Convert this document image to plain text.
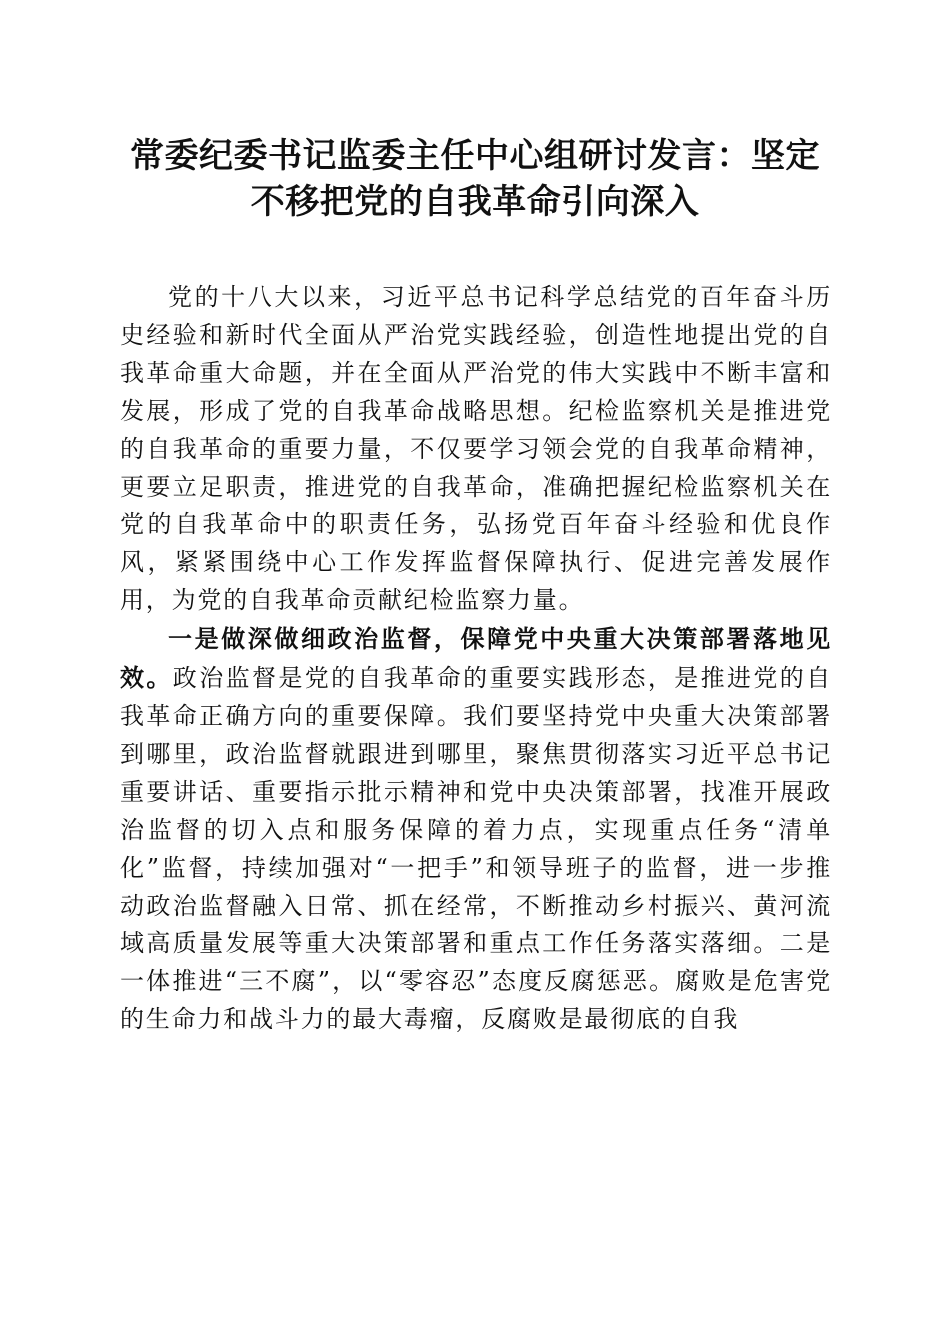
常委纪委书记监委主任中心组研讨发言：坚定
不移把党的自我革命引向深入

党的十八大以来，习近平总书记科学总结党的百年奋斗历史经验和新时代全面从严治党实践经验，创造性地提出党的自我革命重大命题，并在全面从严治党的伟大实践中不断丰富和发展，形成了党的自我革命战略思想。纪检监察机关是推进党的自我革命的重要力量，不仅要学习领会党的自我革命精神，更要立足职责，推进党的自我革命，准确把握纪检监察机关在党的自我革命中的职责任务，弘扬党百年奋斗经验和优良作风，紧紧围绕中心工作发挥监督保障执行、促进完善发展作用，为党的自我革命贡献纪检监察力量。

一是做深做细政治监督，保障党中央重大决策部署落地见效。政治监督是党的自我革命的重要实践形态，是推进党的自我革命正确方向的重要保障。我们要坚持党中央重大决策部署到哪里，政治监督就跟进到哪里，聚焦贯彻落实习近平总书记重要讲话、重要指示批示精神和党中央决策部署，找准开展政治监督的切入点和服务保障的着力点，实现重点任务“清单化”监督，持续加强对“一把手”和领导班子的监督，进一步推动政治监督融入日常、抓在经常，不断推动乡村振兴、黄河流域高质量发展等重大决策部署和重点工作任务落实落细。二是一体推进“三不腐”，以“零容忍”态度反腐惩恶。腐败是危害党的生命力和战斗力的最大毒瘤，反腐败是最彻底的自我
